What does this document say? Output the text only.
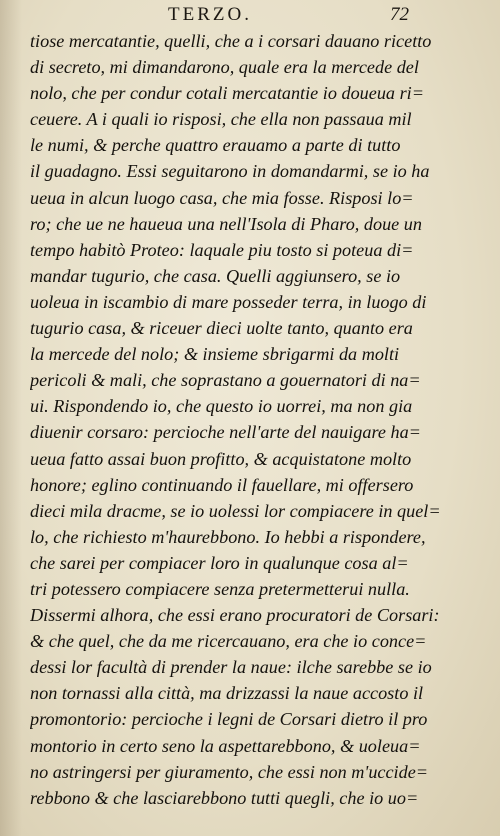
TERZO.	72
tiose mercatantie, quelli, che a i corsari dauano ricetto
di secreto, mi dimandarono, quale era la mercede del
nolo, che per condur cotali mercatantie io doueua ri=
ceuere. A i quali io risposi, che ella non passaua mil
le numi, & perche quattro erauamo a parte di tutto
il guadagno. Essi seguitarono in domandarmi, se io ha
ueua in alcun luogo casa, che mia fosse. Risposi lo=
ro; che ue ne haueua una nell'Isola di Pharo, doue un
tempo habitò Proteo: laquale piu tosto si poteua di=
mandar tugurio, che casa. Quelli aggiunsero, se io
uoleua in iscambio di mare posseder terra, in luogo di
tugurio casa, & riceuer dieci uolte tanto, quanto era
la mercede del nolo; & insieme sbrigarmi da molti
pericoli & mali, che soprastano a gouernatori di na=
ui. Rispondendo io, che questo io uorrei, ma non gia
diuenir corsaro: percioche nell'arte del nauigare ha=
ueua fatto assai buon profitto, & acquistatone molto
honore; eglino continuando il fauellare, mi offersero
dieci mila dracme, se io uolessi lor compiacere in quel=
lo, che richiesto m'haurebbono. Io hebbi a rispondere,
che sarei per compiacer loro in qualunque cosa al=
tri potessero compiacere senza pretermetterui nulla.
Dissermi alhora, che essi erano procuratori de Corsari:
& che quel, che da me ricercauano, era che io conce=
dessi lor facultà di prender la naue: ilche sarebbe se io
non tornassi alla città, ma drizzassi la naue accosto il
promontorio: percioche i legni de Corsari dietro il pro
montorio in certo seno la aspettarebbono, & uoleua=
no astringersi per giuramento, che essi non m'uccide=
rebbono & che lasciarebbono tutti quegli, che io uo=
